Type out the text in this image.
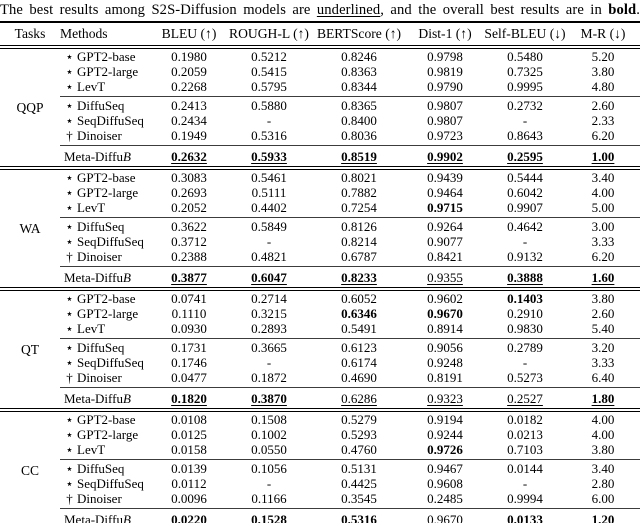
The best results among S2S-Diffusion models are underlined, and the overall best results are in bold.
Tasks	Methods	BLEU (↑)	ROUGH-L (↑)	BERTScore (↑)	Dist-1 (↑)	Self-BLEU (↓)	M-R (↓)

QQP	⋆ GPT2-base	0.1980	0.5212	0.8246	0.9798	0.5480	5.20
	⋆ GPT2-large	0.2059	0.5415	0.8363	0.9819	0.7325	3.80
	⋆ LevT	0.2268	0.5795	0.8344	0.9790	0.9995	4.80

	⋆ DiffuSeq	0.2413	0.5880	0.8365	0.9807	0.2732	2.60
	⋆ SeqDiffuSeq	0.2434	-	0.8400	0.9807	-	2.33
	† Dinoiser	0.1949	0.5316	0.8036	0.9723	0.8643	6.20

	Meta-DiffuB	0.2632	0.5933	0.8519	0.9902	0.2595	1.00

WA	⋆ GPT2-base	0.3083	0.5461	0.8021	0.9439	0.5444	3.40
	⋆ GPT2-large	0.2693	0.5111	0.7882	0.9464	0.6042	4.00
	⋆ LevT	0.2052	0.4402	0.7254	0.9715	0.9907	5.00

	⋆ DiffuSeq	0.3622	0.5849	0.8126	0.9264	0.4642	3.00
	⋆ SeqDiffuSeq	0.3712	-	0.8214	0.9077	-	3.33
	† Dinoiser	0.2388	0.4821	0.6787	0.8421	0.9132	6.20

	Meta-DiffuB	0.3877	0.6047	0.8233	0.9355	0.3888	1.60

QT	⋆ GPT2-base	0.0741	0.2714	0.6052	0.9602	0.1403	3.80
	⋆ GPT2-large	0.1110	0.3215	0.6346	0.9670	0.2910	2.60
	⋆ LevT	0.0930	0.2893	0.5491	0.8914	0.9830	5.40

	⋆ DiffuSeq	0.1731	0.3665	0.6123	0.9056	0.2789	3.20
	⋆ SeqDiffuSeq	0.1746	-	0.6174	0.9248	-	3.33
	† Dinoiser	0.0477	0.1872	0.4690	0.8191	0.5273	6.40

	Meta-DiffuB	0.1820	0.3870	0.6286	0.9323	0.2527	1.80

CC	⋆ GPT2-base	0.0108	0.1508	0.5279	0.9194	0.0182	4.00
	⋆ GPT2-large	0.0125	0.1002	0.5293	0.9244	0.0213	4.00
	⋆ LevT	0.0158	0.0550	0.4760	0.9726	0.7103	3.80

	⋆ DiffuSeq	0.0139	0.1056	0.5131	0.9467	0.0144	3.40
	⋆ SeqDiffuSeq	0.0112	-	0.4425	0.9608	-	2.80
	† Dinoiser	0.0096	0.1166	0.3545	0.2485	0.9994	6.00

	Meta-DiffuB	0.0220	0.1528	0.5316	0.9670	0.0133	1.20
